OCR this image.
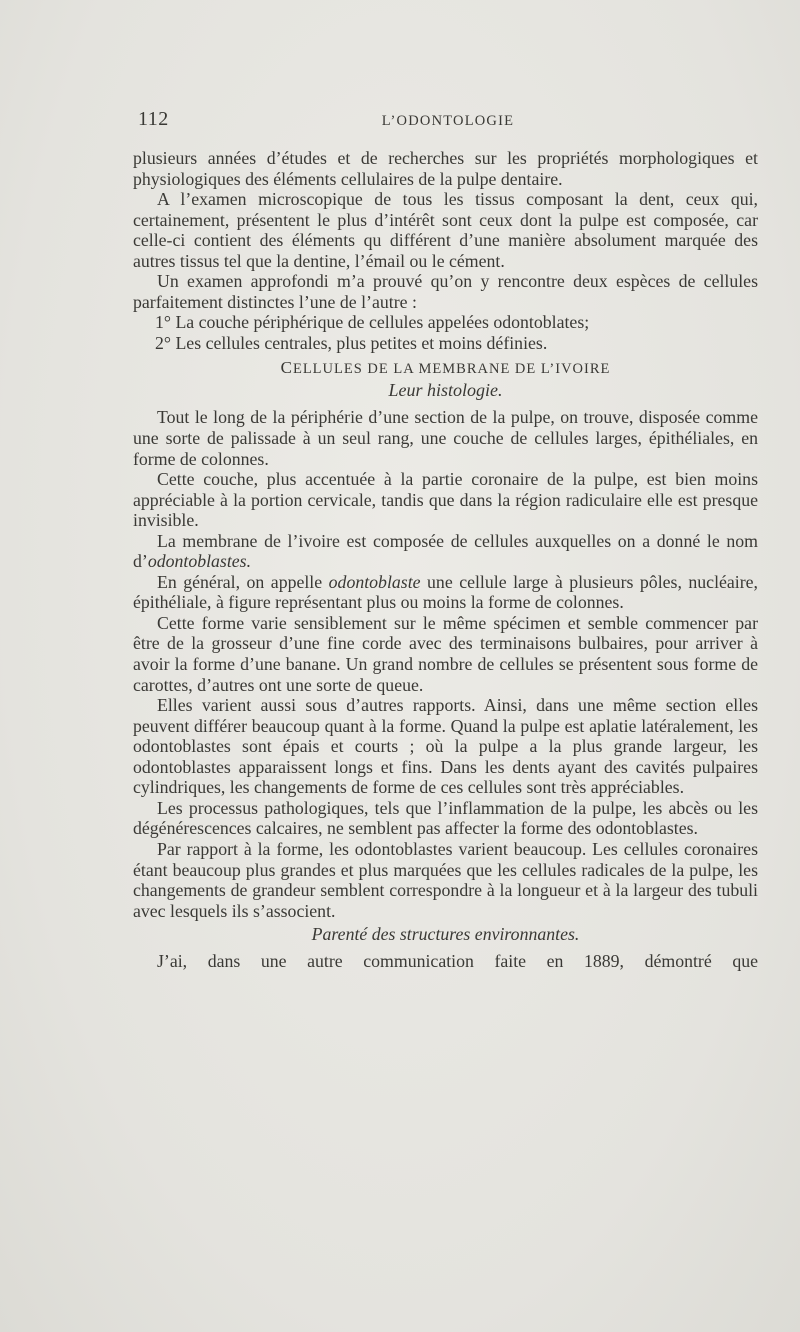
112	L’ODONTOLOGIE

plusieurs années d’études et de recherches sur les propriétés morphologiques et physiologiques des éléments cellulaires de la pulpe dentaire.

A l’examen microscopique de tous les tissus composant la dent, ceux qui, certainement, présentent le plus d’intérêt sont ceux dont la pulpe est composée, car celle-ci contient des éléments qu différent d’une manière absolument marquée des autres tissus tel que la dentine, l’émail ou le cément.

Un examen approfondi m’a prouvé qu’on y rencontre deux espèces de cellules parfaitement distinctes l’une de l’autre :

1° La couche périphérique de cellules appelées odontoblates;

2° Les cellules centrales, plus petites et moins définies.

CELLULES DE LA MEMBRANE DE L’IVOIRE
Leur histologie.

Tout le long de la périphérie d’une section de la pulpe, on trouve, disposée comme une sorte de palissade à un seul rang, une couche de cellules larges, épithéliales, en forme de colonnes.

Cette couche, plus accentuée à la partie coronaire de la pulpe, est bien moins appréciable à la portion cervicale, tandis que dans la région radiculaire elle est presque invisible.

La membrane de l’ivoire est composée de cellules auxquelles on a donné le nom d’odontoblastes.

En général, on appelle odontoblaste une cellule large à plusieurs pôles, nucléaire, épithéliale, à figure représentant plus ou moins la forme de colonnes.

Cette forme varie sensiblement sur le même spécimen et semble commencer par être de la grosseur d’une fine corde avec des terminaisons bulbaires, pour arriver à avoir la forme d’une banane. Un grand nombre de cellules se présentent sous forme de carottes, d’autres ont une sorte de queue.

Elles varient aussi sous d’autres rapports. Ainsi, dans une même section elles peuvent différer beaucoup quant à la forme. Quand la pulpe est aplatie latéralement, les odontoblastes sont épais et courts ; où la pulpe a la plus grande largeur, les odontoblastes apparaissent longs et fins. Dans les dents ayant des cavités pulpaires cylindriques, les changements de forme de ces cellules sont très appréciables.

Les processus pathologiques, tels que l’inflammation de la pulpe, les abcès ou les dégénérescences calcaires, ne semblent pas affecter la forme des odontoblastes.

Par rapport à la forme, les odontoblastes varient beaucoup. Les cellules coronaires étant beaucoup plus grandes et plus marquées que les cellules radicales de la pulpe, les changements de grandeur semblent correspondre à la longueur et à la largeur des tubuli avec lesquels ils s’associent.

Parenté des structures environnantes.

J’ai, dans une autre communication faite en 1889, démontré que
